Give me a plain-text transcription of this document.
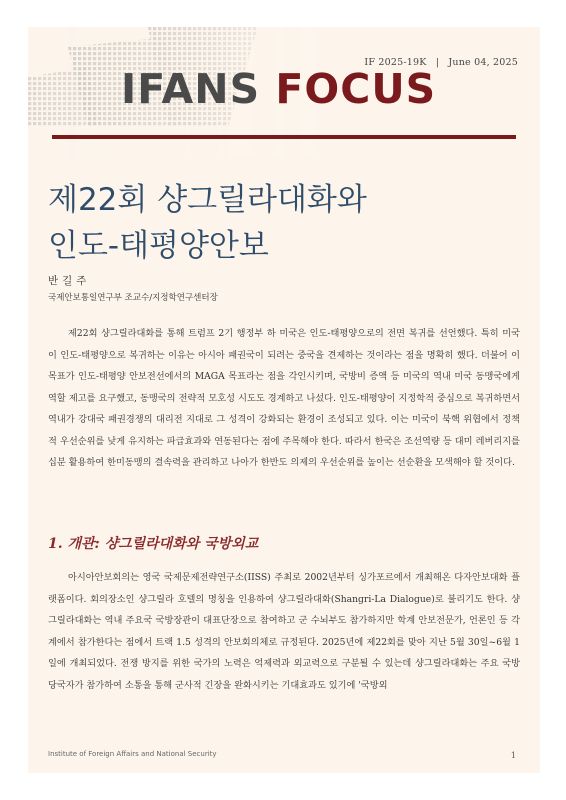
IF 2025-19K | June 04, 2025
IFANS FOCUS
제22회 샹그릴라대화와
인도-태평양안보
반길주
국제안보통일연구부 조교수/지정학연구센터장

제22회 샹그릴라대화를 통해 트럼프 2기 행정부 하 미국은 인도-태평양으로의 전면 복귀를 선언했다. 특히 미국이 인도-태평양으로 복귀하는 이유는 아시아 패권국이 되려는 중국을 견제하는 것이라는 점을 명확히 했다. 더불어 이 목표가 인도-태평양 안보전선에서의 MAGA 목표라는 점을 각인시키며, 국방비 증액 등 미국의 역내 미국 동맹국에게 역할 제고를 요구했고, 동맹국의 전략적 모호성 시도도 경계하고 나섰다. 인도-태평양이 지정학적 중심으로 복귀하면서 역내가 강대국 패권경쟁의 대리전 지대로 그 성격이 강화되는 환경이 조성되고 있다. 이는 미국이 북핵 위협에서 정책적 우선순위를 낮게 유지하는 파급효과와 연동된다는 점에 주목해야 한다. 따라서 한국은 조선역량 등 대미 레버리지를 십분 활용하여 한미동맹의 결속력을 관리하고 나아가 한반도 의제의 우선순위를 높이는 선순환을 모색해야 할 것이다.

1. 개관: 샹그릴라대화와 국방외교

아시아안보회의는 영국 국제문제전략연구소(IISS) 주최로 2002년부터 싱가포르에서 개최해온 다자안보대화 플랫폼이다. 회의장소인 샹그릴라 호텔의 명칭을 인용하여 샹그릴라대화(Shangri-La Dialogue)로 불리기도 한다. 샹그릴라대화는 역내 주요국 국방장관이 대표단장으로 참여하고 군 수뇌부도 참가하지만 학계 안보전문가, 언론인 등 각계에서 참가한다는 점에서 트랙 1.5 성격의 안보회의체로 규정된다. 2025년에 제22회를 맞아 지난 5월 30일~6월 1일에 개최되었다. 전쟁 방지를 위한 국가의 노력은 억제력과 외교력으로 구분될 수 있는데 샹그릴라대화는 주요 국방 당국자가 참가하여 소통을 통해 군사적 긴장을 완화시키는 기대효과도 있기에 '국방외

Institute of Foreign Affairs and National Security	1
